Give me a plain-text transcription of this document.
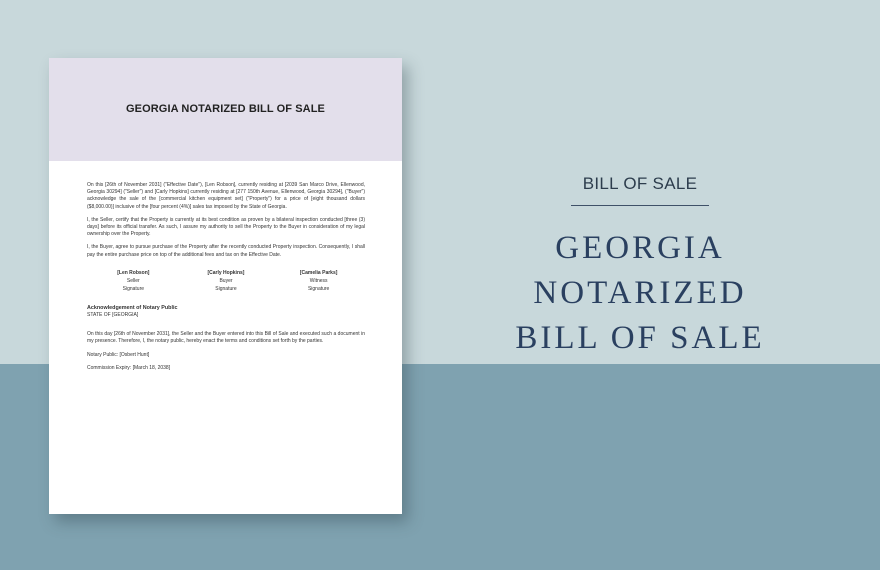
GEORGIA NOTARIZED BILL OF SALE

On this [26th of November 2031] ("Effective Date"), [Len Robson], currently residing at [2039 San Marco Drive, Ellenwood, Georgia 30294] ("Seller") and [Carly Hopkins] currently residing at [277 150th Avenue, Ellenwood, Georgia 30294], ("Buyer") acknowledge the sale of the [commercial kitchen equipment set] ("Property") for a price of [eight thousand dollars ($8,000.00)] inclusive of the [four percent (4%)] sales tax imposed by the State of Georgia.

I, the Seller, certify that the Property is currently at its best condition as proven by a bilateral inspection conducted [three (3) days] before its official transfer. As such, I assure my authority to sell the Property to the Buyer in consideration of my legal ownership over the Property.

I, the Buyer, agree to pursue purchase of the Property after the recently conducted Property inspection. Consequently, I shall pay the entire purchase price on top of the additional fees and tax on the Effective Date.

[Len Robson]
Seller
Signature
[Carly Hopkins]
Buyer
Signature
[Camelia Parks]
Witness
Signature
Acknowledgement of Notary Public

STATE OF [GEORGIA]

On this day [26th of November 2031], the Seller and the Buyer entered into this Bill of Sale and executed such a document in my presence. Therefore, I, the notary public, hereby enact the terms and conditions set forth by the parties.

Notary Public: [Osbert Hunt]

Commission Expiry: [March 18, 2038]

BILL OF SALE
GEORGIA NOTARIZED
BILL OF SALE
